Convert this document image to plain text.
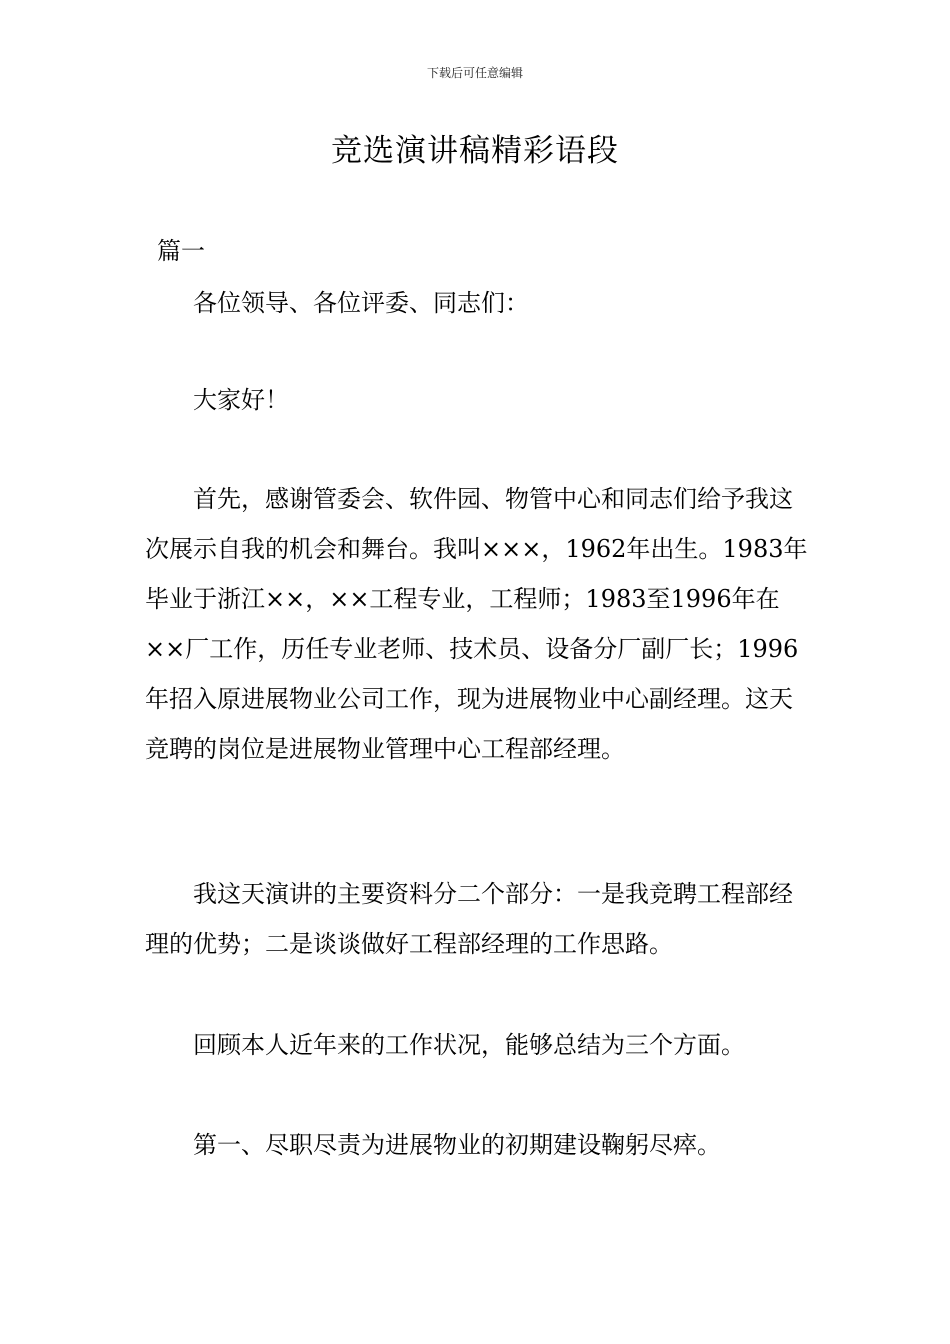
下载后可任意编辑
竞选演讲稿精彩语段
篇一

各位领导、各位评委、同志们：

大家好！

首先，感谢管委会、软件园、物管中心和同志们给予我这次展示自我的机会和舞台。我叫×××，1962年出生。1983年毕业于浙江××，××工程专业，工程师；1983至1996年在××厂工作，历任专业老师、技术员、设备分厂副厂长；1996年招入原进展物业公司工作，现为进展物业中心副经理。这天竞聘的岗位是进展物业管理中心工程部经理。

我这天演讲的主要资料分二个部分：一是我竞聘工程部经理的优势；二是谈谈做好工程部经理的工作思路。

回顾本人近年来的工作状况，能够总结为三个方面。

第一、尽职尽责为进展物业的初期建设鞠躬尽瘁。
